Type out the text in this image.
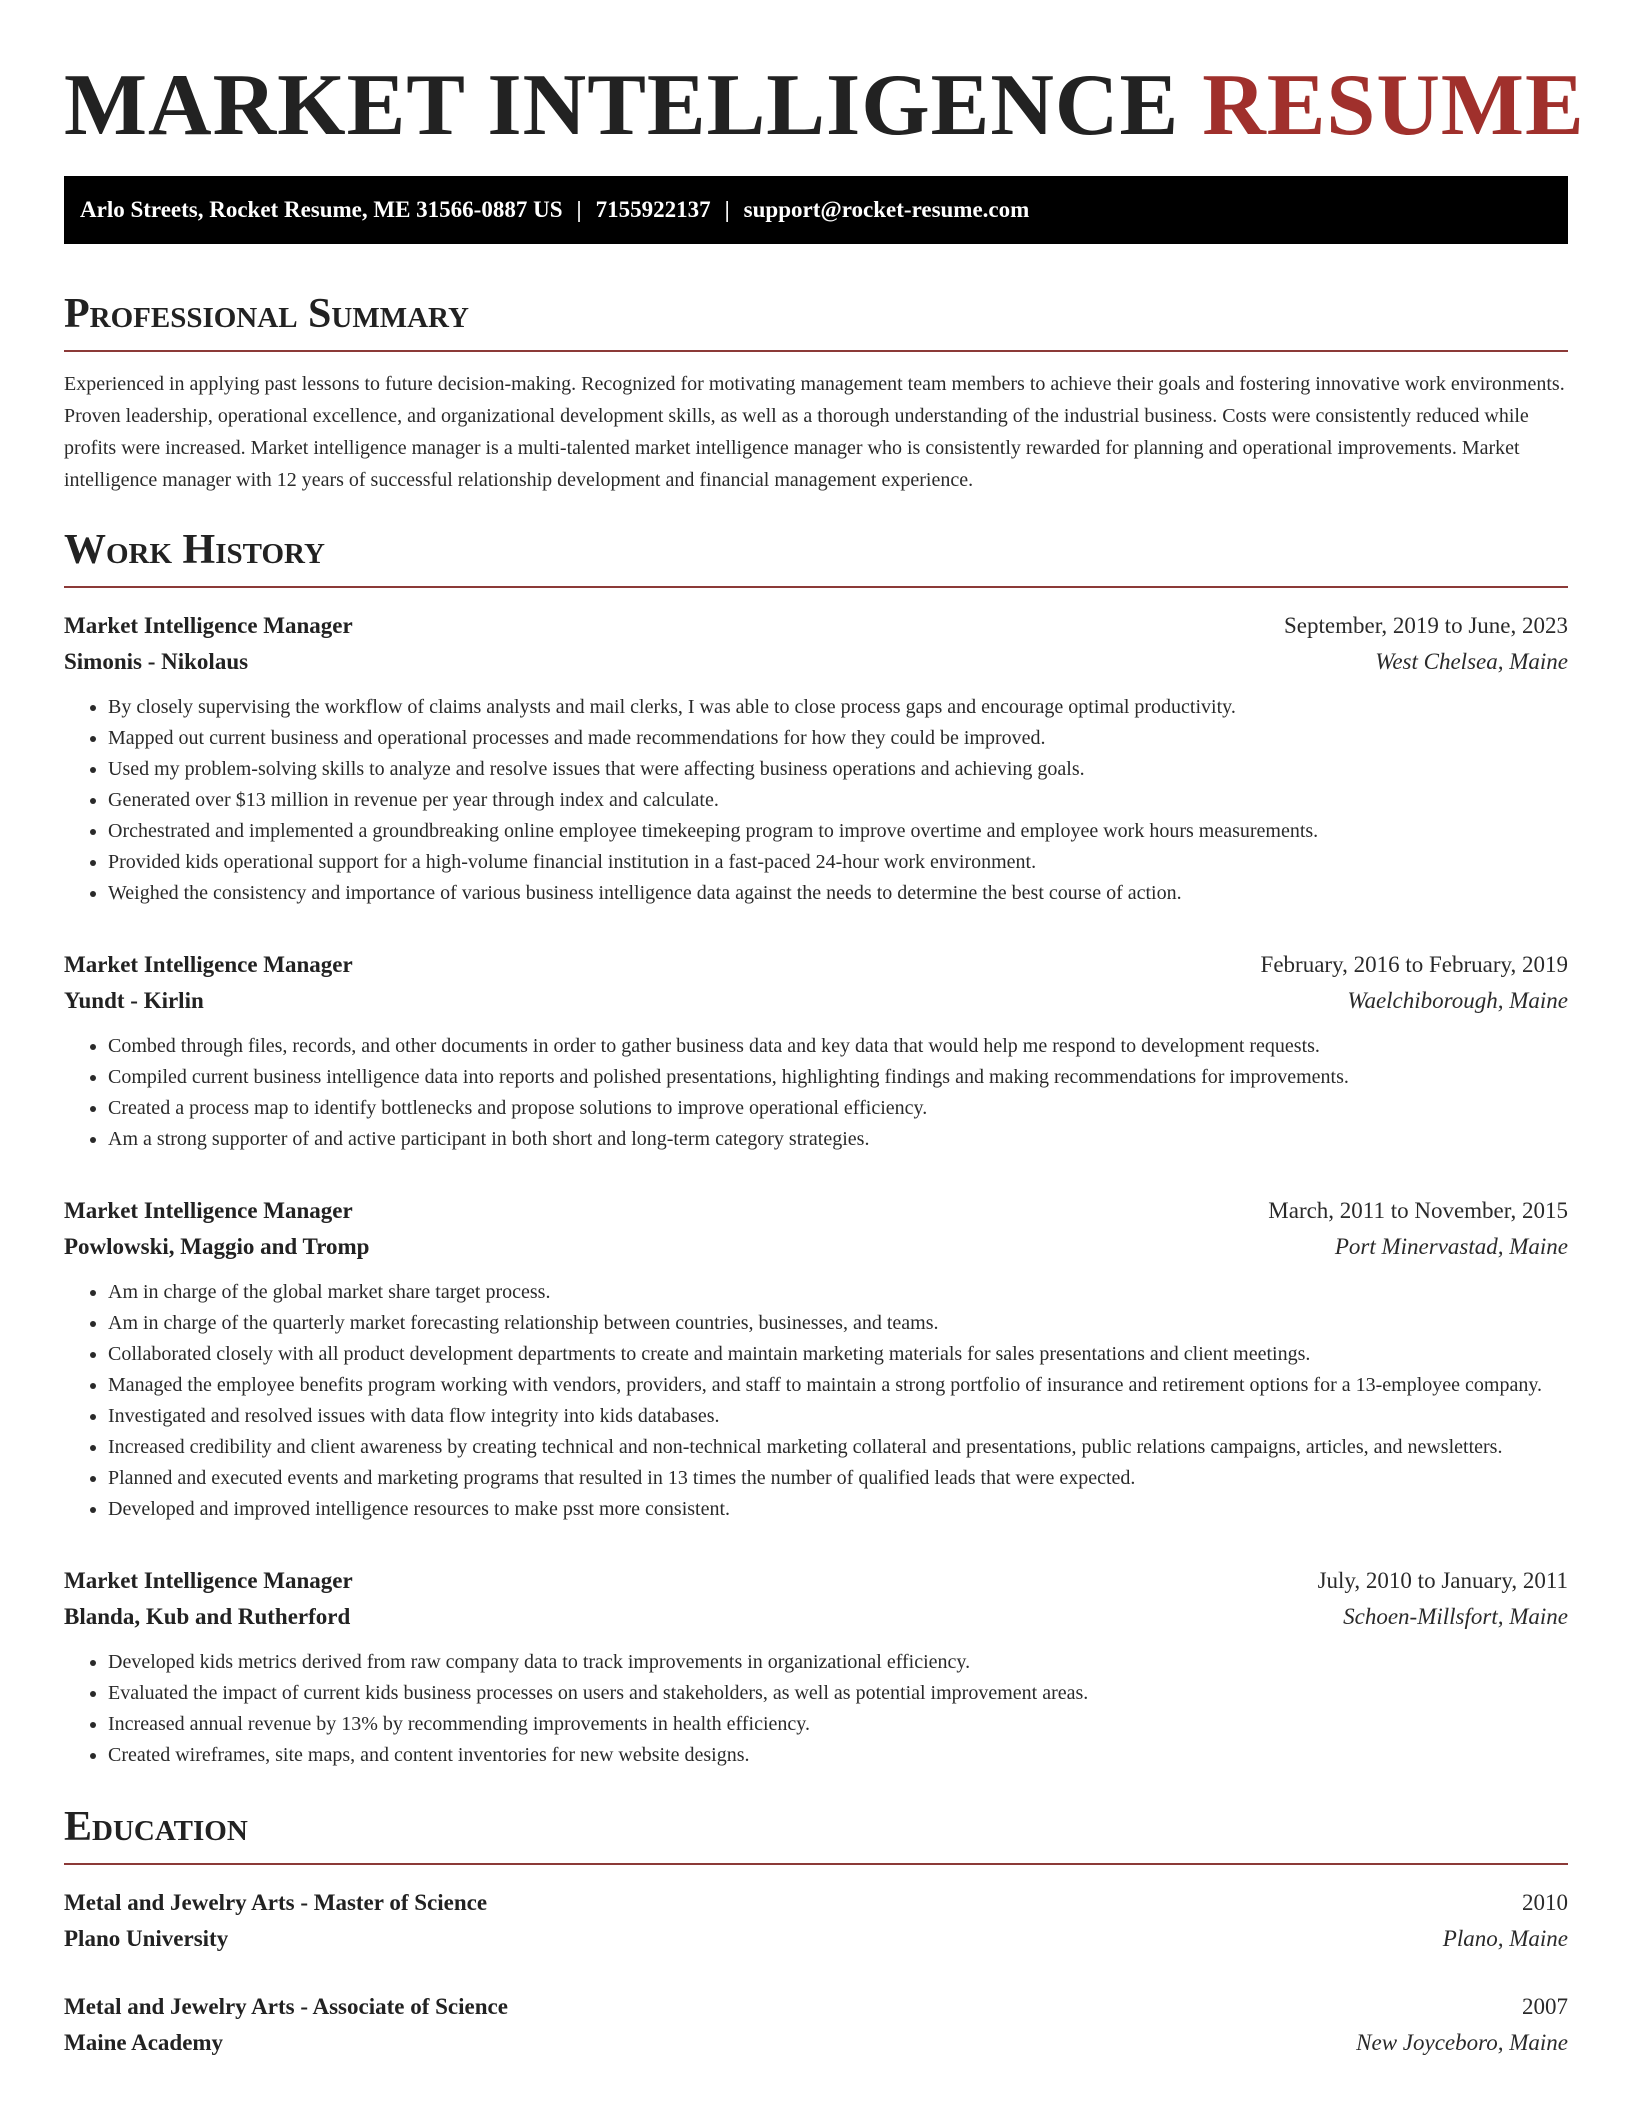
MARKET INTELLIGENCE RESUME
Arlo Streets, Rocket Resume, ME 31566-0887 US | 7155922137 | support@rocket-resume.com
Professional Summary

Experienced in applying past lessons to future decision-making. Recognized for motivating management team members to achieve their goals and fostering innovative work environments. Proven leadership, operational excellence, and organizational development skills, as well as a thorough understanding of the industrial business. Costs were consistently reduced while profits were increased. Market intelligence manager is a multi-talented market intelligence manager who is consistently rewarded for planning and operational improvements. Market intelligence manager with 12 years of successful relationship development and financial management experience.

Work History
Market Intelligence Manager	September, 2019 to June, 2023
Simonis - Nikolaus	West Chelsea, Maine
• By closely supervising the workflow of claims analysts and mail clerks, I was able to close process gaps and encourage optimal productivity.
• Mapped out current business and operational processes and made recommendations for how they could be improved.
• Used my problem-solving skills to analyze and resolve issues that were affecting business operations and achieving goals.
• Generated over $13 million in revenue per year through index and calculate.
• Orchestrated and implemented a groundbreaking online employee timekeeping program to improve overtime and employee work hours measurements.
• Provided kids operational support for a high-volume financial institution in a fast-paced 24-hour work environment.
• Weighed the consistency and importance of various business intelligence data against the needs to determine the best course of action.
Market Intelligence Manager	February, 2016 to February, 2019
Yundt - Kirlin	Waelchiborough, Maine
• Combed through files, records, and other documents in order to gather business data and key data that would help me respond to development requests.
• Compiled current business intelligence data into reports and polished presentations, highlighting findings and making recommendations for improvements.
• Created a process map to identify bottlenecks and propose solutions to improve operational efficiency.
• Am a strong supporter of and active participant in both short and long-term category strategies.
Market Intelligence Manager	March, 2011 to November, 2015
Powlowski, Maggio and Tromp	Port Minervastad, Maine
• Am in charge of the global market share target process.
• Am in charge of the quarterly market forecasting relationship between countries, businesses, and teams.
• Collaborated closely with all product development departments to create and maintain marketing materials for sales presentations and client meetings.
• Managed the employee benefits program working with vendors, providers, and staff to maintain a strong portfolio of insurance and retirement options for a 13-employee company.
• Investigated and resolved issues with data flow integrity into kids databases.
• Increased credibility and client awareness by creating technical and non-technical marketing collateral and presentations, public relations campaigns, articles, and newsletters.
• Planned and executed events and marketing programs that resulted in 13 times the number of qualified leads that were expected.
• Developed and improved intelligence resources to make psst more consistent.
Market Intelligence Manager	July, 2010 to January, 2011
Blanda, Kub and Rutherford	Schoen-Millsfort, Maine
• Developed kids metrics derived from raw company data to track improvements in organizational efficiency.
• Evaluated the impact of current kids business processes on users and stakeholders, as well as potential improvement areas.
• Increased annual revenue by 13% by recommending improvements in health efficiency.
• Created wireframes, site maps, and content inventories for new website designs.
Education
Metal and Jewelry Arts - Master of Science	2010
Plano University	Plano, Maine
Metal and Jewelry Arts - Associate of Science	2007
Maine Academy	New Joyceboro, Maine
